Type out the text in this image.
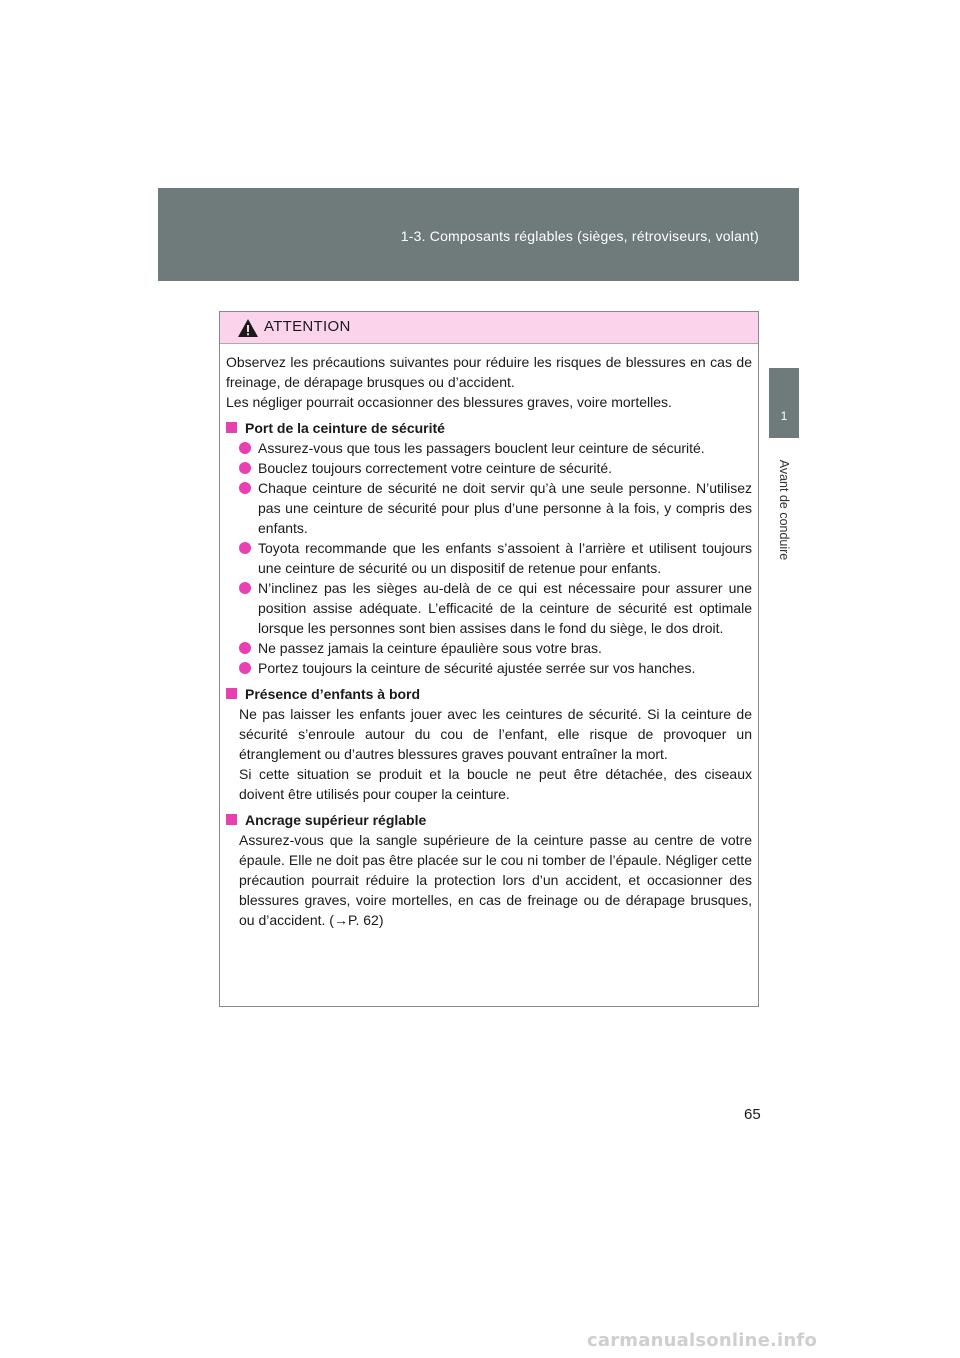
1-3. Composants réglables (sièges, rétroviseurs, volant)
1
Avant de conduire
ATTENTION

Observez les précautions suivantes pour réduire les risques de blessures en cas de freinage, de dérapage brusques ou d’accident.

Les négliger pourrait occasionner des blessures graves, voire mortelles.

Port de la ceinture de sécurité

Assurez-vous que tous les passagers bouclent leur ceinture de sécurité.

Bouclez toujours correctement votre ceinture de sécurité.

Chaque ceinture de sécurité ne doit servir qu’à une seule personne. N’utilisez pas une ceinture de sécurité pour plus d’une personne à la fois, y compris des enfants.

Toyota recommande que les enfants s’assoient à l’arrière et utilisent toujours une ceinture de sécurité ou un dispositif de retenue pour enfants.

N’inclinez pas les sièges au-delà de ce qui est nécessaire pour assurer une position assise adéquate. L’efficacité de la ceinture de sécurité est optimale lorsque les personnes sont bien assises dans le fond du siège, le dos droit.

Ne passez jamais la ceinture épaulière sous votre bras.

Portez toujours la ceinture de sécurité ajustée serrée sur vos hanches.

Présence d’enfants à bord

Ne pas laisser les enfants jouer avec les ceintures de sécurité. Si la ceinture de sécurité s’enroule autour du cou de l’enfant, elle risque de provoquer un étranglement ou d’autres blessures graves pouvant entraîner la mort.

Si cette situation se produit et la boucle ne peut être détachée, des ciseaux doivent être utilisés pour couper la ceinture.

Ancrage supérieur réglable

Assurez-vous que la sangle supérieure de la ceinture passe au centre de votre épaule. Elle ne doit pas être placée sur le cou ni tomber de l’épaule. Négliger cette précaution pourrait réduire la protection lors d’un accident, et occasionner des blessures graves, voire mortelles, en cas de freinage ou de dérapage brusques, ou d’accident. (→P. 62)

65
carmanualsonline.info
